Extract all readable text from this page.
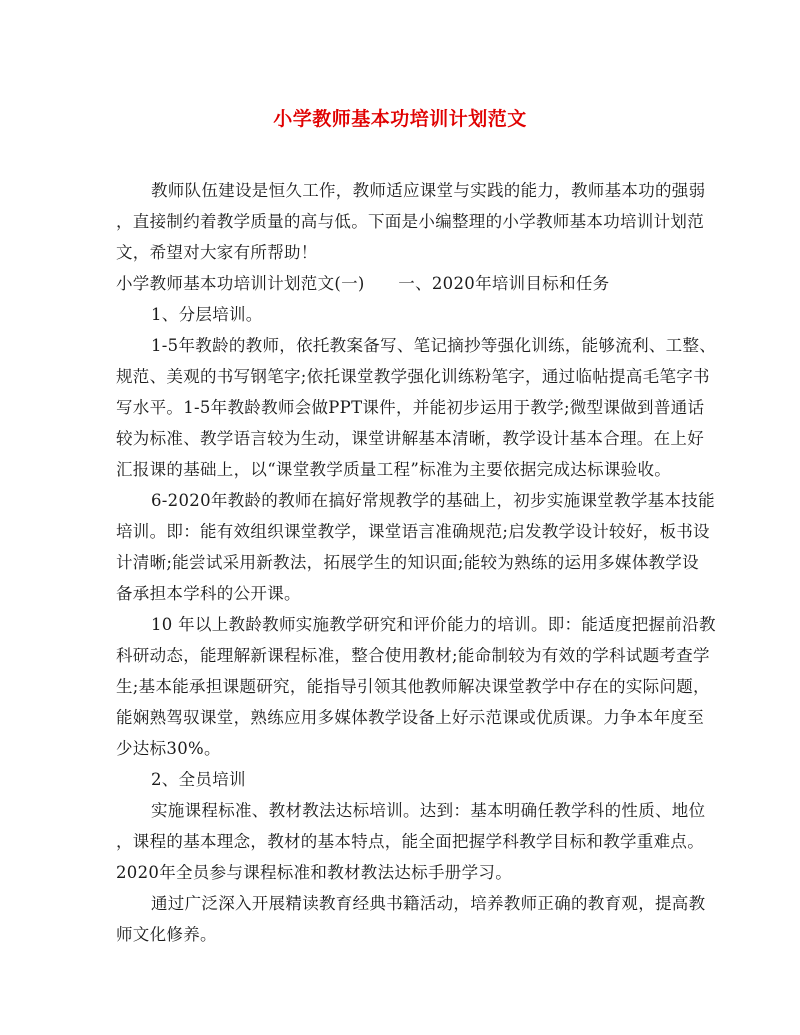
小学教师基本功培训计划范文
教师队伍建设是恒久工作，教师适应课堂与实践的能力，教师基本功的强弱
，直接制约着教学质量的高与低。下面是小编整理的小学教师基本功培训计划范
文，希望对大家有所帮助！
小学教师基本功培训计划范文(一)　　一、2020年培训目标和任务
1、分层培训。
1-5年教龄的教师，依托教案备写、笔记摘抄等强化训练，能够流利、工整、
规范、美观的书写钢笔字;依托课堂教学强化训练粉笔字，通过临帖提高毛笔字书
写水平。1-5年教龄教师会做PPT课件，并能初步运用于教学;微型课做到普通话
较为标准、教学语言较为生动，课堂讲解基本清晰，教学设计基本合理。在上好
汇报课的基础上，以“课堂教学质量工程”标准为主要依据完成达标课验收。
6-2020年教龄的教师在搞好常规教学的基础上，初步实施课堂教学基本技能
培训。即：能有效组织课堂教学，课堂语言准确规范;启发教学设计较好，板书设
计清晰;能尝试采用新教法，拓展学生的知识面;能较为熟练的运用多媒体教学设
备承担本学科的公开课。
10 年以上教龄教师实施教学研究和评价能力的培训。即：能适度把握前沿教
科研动态，能理解新课程标准，整合使用教材;能命制较为有效的学科试题考查学
生;基本能承担课题研究，能指导引领其他教师解决课堂教学中存在的实际问题，
能娴熟驾驭课堂，熟练应用多媒体教学设备上好示范课或优质课。力争本年度至
少达标30%。
2、全员培训
实施课程标准、教材教法达标培训。达到：基本明确任教学科的性质、地位
，课程的基本理念，教材的基本特点，能全面把握学科教学目标和教学重难点。
2020年全员参与课程标准和教材教法达标手册学习。
通过广泛深入开展精读教育经典书籍活动，培养教师正确的教育观，提高教
师文化修养。
